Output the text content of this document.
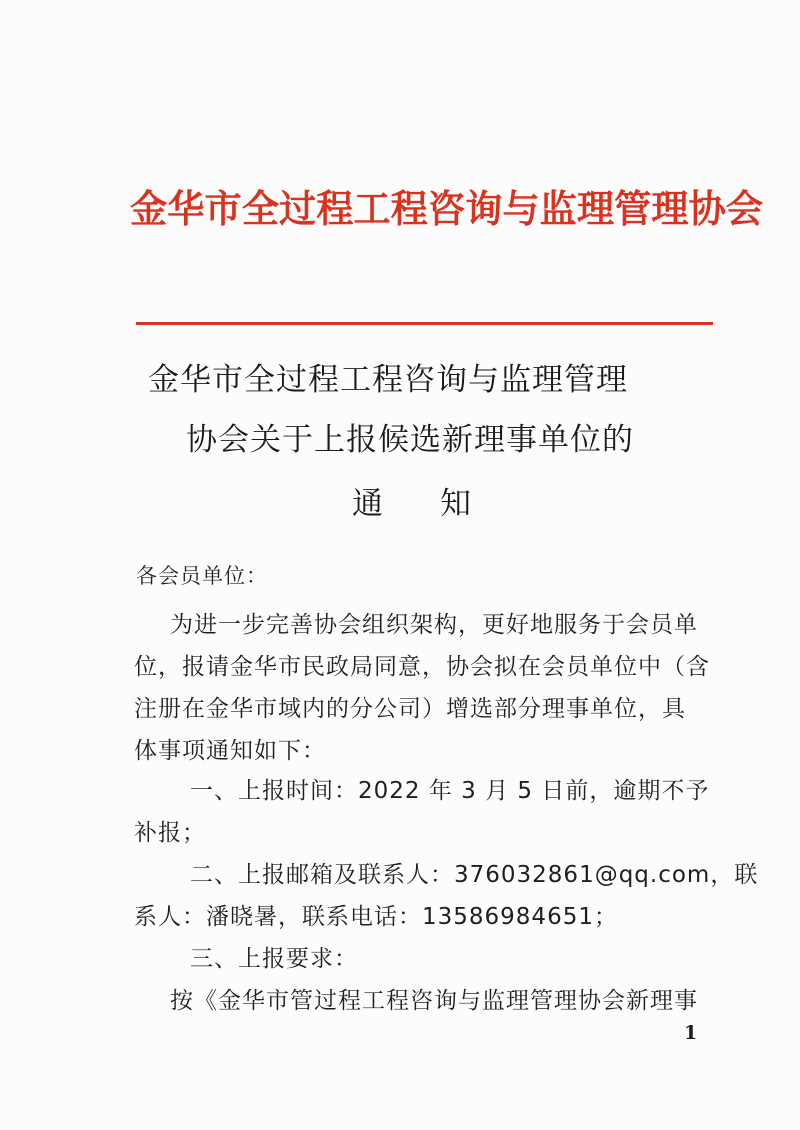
金华市全过程工程咨询与监理管理协会
金华市全过程工程咨询与监理管理
协会关于上报候选新理事单位的
通 知

各会员单位：

为进一步完善协会组织架构，更好地服务于会员单

位，报请金华市民政局同意，协会拟在会员单位中（含

注册在金华市域内的分公司）增选部分理事单位，具

体事项通知如下：

一、上报时间：2022 年 3 月 5 日前，逾期不予

补报；

二、上报邮箱及联系人：376032861@qq.com，联

系人：潘晓暑，联系电话：13586984651；

三、上报要求：

按《金华市管过程工程咨询与监理管理协会新理事

1
